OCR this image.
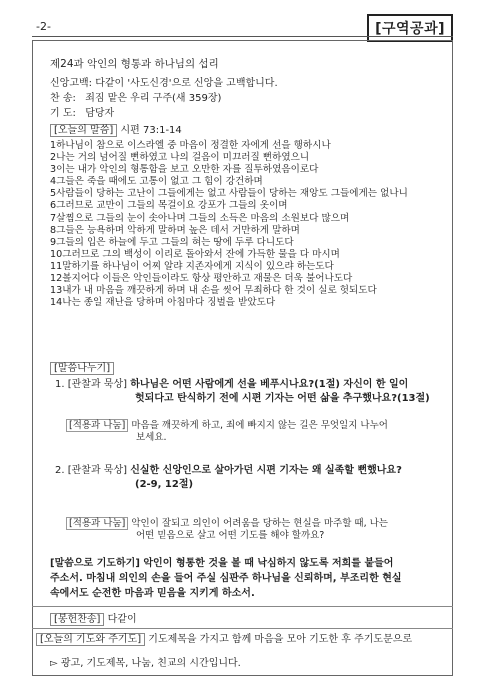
-2-	[구역공과]
제24과 악인의 형통과 하나님의 섭리
신앙고백: 다같이 '사도신경'으로 신앙을 고백합니다.
찬 송: 죄짐 맡은 우리 구주(새 359장)
기 도: 담당자
[오늘의 말씀] 시편 73:1-14
1하나님이 참으로 이스라엘 중 마음이 정결한 자에게 선을 행하시나
2나는 거의 넘어질 뻔하였고 나의 걸음이 미끄러질 뻔하였으니
3이는 내가 악인의 형통함을 보고 오만한 자를 질투하였음이로다
4그들은 죽을 때에도 고통이 없고 그 힘이 강건하며
5사람들이 당하는 고난이 그들에게는 없고 사람들이 당하는 재앙도 그들에게는 없나니
6그러므로 교만이 그들의 목걸이요 강포가 그들의 옷이며
7살찜으로 그들의 눈이 솟아나며 그들의 소득은 마음의 소원보다 많으며
8그들은 능욕하며 악하게 말하며 높은 데서 거만하게 말하며
9그들의 입은 하늘에 두고 그들의 혀는 땅에 두루 다니도다
10그러므로 그의 백성이 이리로 돌아와서 잔에 가득한 물을 다 마시며
11말하기를 하나님이 어찌 알랴 지존자에게 지식이 있으랴 하는도다
12볼지어다 이들은 악인들이라도 항상 평안하고 재물은 더욱 불어나도다
13내가 내 마음을 깨끗하게 하며 내 손을 씻어 무죄하다 한 것이 실로 헛되도다
14나는 종일 재난을 당하며 아침마다 징벌을 받았도다
[말씀나누기]
1. [관찰과 묵상] 하나님은 어떤 사람에게 선을 베푸시나요?(1절) 자신이 한 일이
헛되다고 탄식하기 전에 시편 기자는 어떤 삶을 추구했나요?(13절)
[적용과 나눔] 마음을 깨끗하게 하고, 죄에 빠지지 않는 길은 무엇일지 나누어
보세요.
2. [관찰과 묵상] 신실한 신앙인으로 살아가던 시편 기자는 왜 실족할 뻔했나요?
(2-9, 12절)
[적용과 나눔] 악인이 잘되고 의인이 어려움을 당하는 현실을 마주할 때, 나는
어떤 믿음으로 살고 어떤 기도를 해야 할까요?
[말씀으로 기도하기] 악인이 형통한 것을 볼 때 낙심하지 않도록 저희를 붙들어
주소서. 마침내 의인의 손을 들어 주실 심판주 하나님을 신뢰하며, 부조리한 현실
속에서도 순전한 마음과 믿음을 지키게 하소서.
[봉헌찬송] 다같이
[오늘의 기도와 주기도] 기도제목을 가지고 함께 마음을 모아 기도한 후 주기도문으로
▻ 광고, 기도제목, 나눔, 친교의 시간입니다.
